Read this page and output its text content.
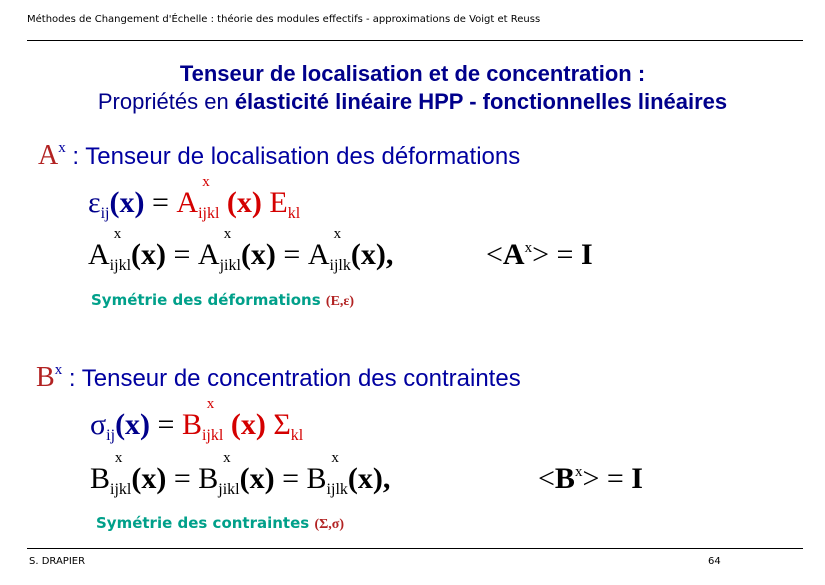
Méthodes de Changement d'Échelle : théorie des modules effectifs - approximations de Voigt et Reuss
Tenseur de localisation et de concentration :
Propriétés en élasticité linéaire HPP - fonctionnelles linéaires
$A^x$ : Tenseur de localisation des déformations
$\varepsilon_{ij}(x) = A_{ijkl}$
x
(x) $E_{kl}$
$A_{ijkl}$
x
$(x) = A_{jikl}$
x
$(x) = A_{ijlk}$
x
(x),	$<A^x> = I$
Symétrie des déformations (E,ε)
$B^x$ : Tenseur de concentration des contraintes
$\sigma_{ij}(x) = B_{ijkl}$
x
(x) $\Sigma_{kl}$
$B_{ijkl}$
x
$(x) = B_{jikl}$
x
$(x) = B_{ijlk}$
x
(x),	$<B^x> = I$
Symétrie des contraintes (Σ,σ)
S. DRAPIER	64
